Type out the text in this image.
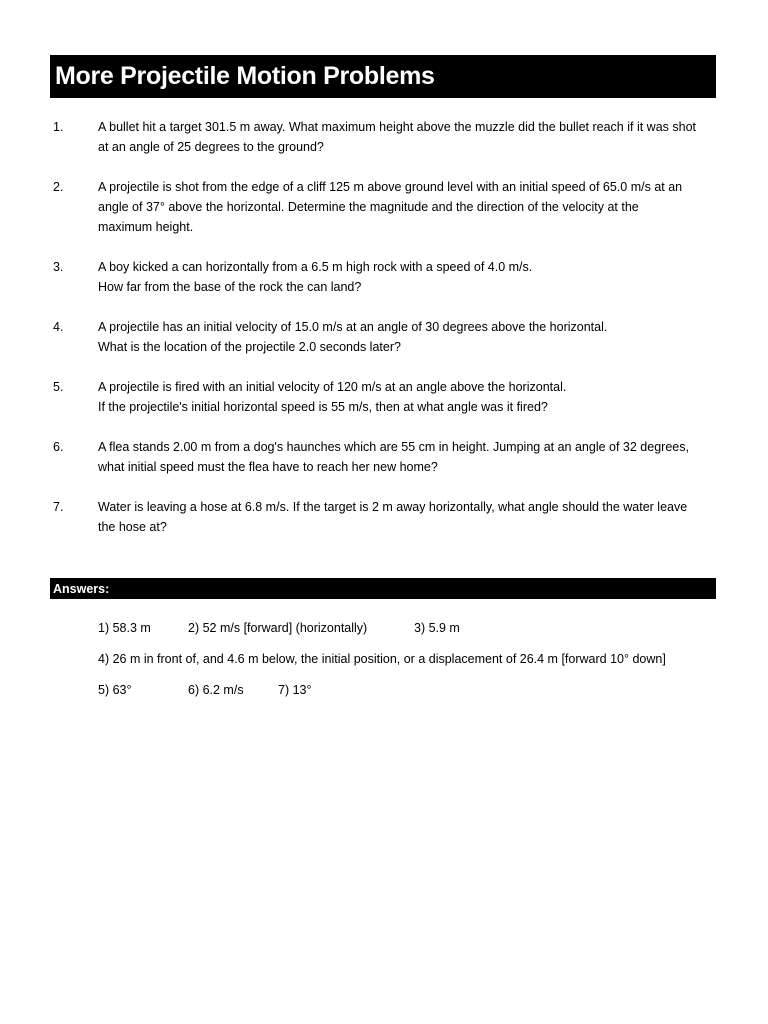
More Projectile Motion Problems
1.	A bullet hit a target 301.5 m away. What maximum height above the muzzle did the bullet reach if it was shot
at an angle of 25 degrees to the ground?
2.	A projectile is shot from the edge of a cliff 125 m above ground level with an initial speed of 65.0 m/s at an
angle of 37° above the horizontal. Determine the magnitude and the direction of the velocity at the
maximum height.
3.	A boy kicked a can horizontally from a 6.5 m high rock with a speed of 4.0 m/s.
How far from the base of the rock the can land?
4.	A projectile has an initial velocity of 15.0 m/s at an angle of 30 degrees above the horizontal.
What is the location of the projectile 2.0 seconds later?
5.	A projectile is fired with an initial velocity of 120 m/s at an angle above the horizontal.
If the projectile's initial horizontal speed is 55 m/s, then at what angle was it fired?
6.	A flea stands 2.00 m from a dog's haunches which are 55 cm in height. Jumping at an angle of 32 degrees,
what initial speed must the flea have to reach her new home?
7.	Water is leaving a hose at 6.8 m/s. If the target is 2 m away horizontally, what angle should the water leave
the hose at?
Answers:
1) 58.3 m	2) 52 m/s [forward] (horizontally)	3) 5.9 m
4) 26 m in front of, and 4.6 m below, the initial position, or a displacement of 26.4 m [forward 10° down]
5) 63°	6) 6.2 m/s	7) 13°
